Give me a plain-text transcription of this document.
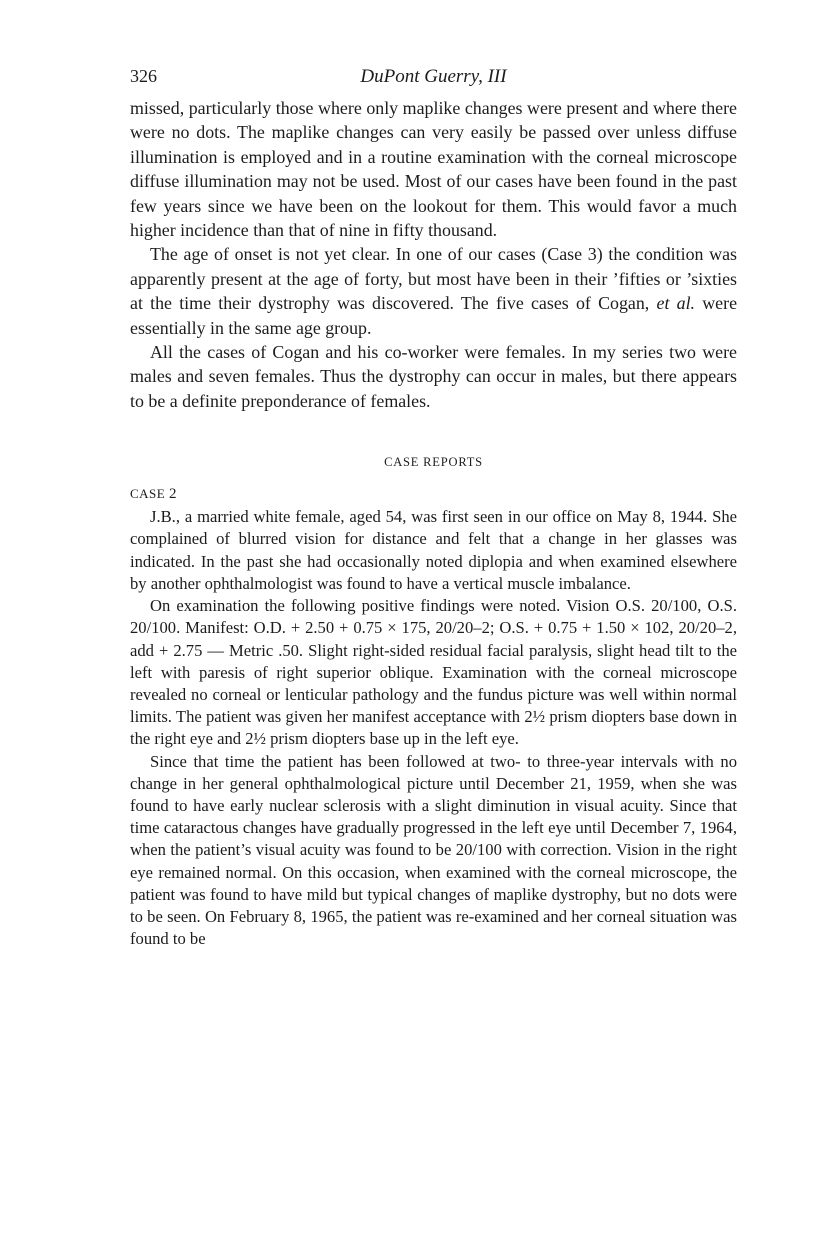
326	DuPont Guerry, III

missed, particularly those where only maplike changes were present and where there were no dots. The maplike changes can very easily be passed over unless diffuse illumination is employed and in a routine examination with the corneal microscope diffuse illumination may not be used. Most of our cases have been found in the past few years since we have been on the lookout for them. This would favor a much higher incidence than that of nine in fifty thousand.

The age of onset is not yet clear. In one of our cases (Case 3) the condition was apparently present at the age of forty, but most have been in their ’fifties or ’sixties at the time their dystrophy was discovered. The five cases of Cogan, et al. were essentially in the same age group.

All the cases of Cogan and his co-worker were females. In my series two were males and seven females. Thus the dystrophy can occur in males, but there appears to be a definite preponderance of females.

CASE REPORTS

CASE 2

J.B., a married white female, aged 54, was first seen in our office on May 8, 1944. She complained of blurred vision for distance and felt that a change in her glasses was indicated. In the past she had occasionally noted diplopia and when examined elsewhere by another ophthalmologist was found to have a vertical muscle imbalance.

On examination the following positive findings were noted. Vision O.S. 20/100, O.S. 20/100. Manifest: O.D. + 2.50 + 0.75 × 175, 20/20–2; O.S. + 0.75 + 1.50 × 102, 20/20–2, add + 2.75 — Metric .50. Slight right-sided residual facial paralysis, slight head tilt to the left with paresis of right superior oblique. Examination with the corneal microscope revealed no corneal or lenticular pathology and the fundus picture was well within normal limits. The patient was given her manifest acceptance with 2½ prism diopters base down in the right eye and 2½ prism diopters base up in the left eye.

Since that time the patient has been followed at two- to three-year intervals with no change in her general ophthalmological picture until December 21, 1959, when she was found to have early nuclear sclerosis with a slight diminution in visual acuity. Since that time cataractous changes have gradually progressed in the left eye until December 7, 1964, when the patient’s visual acuity was found to be 20/100 with correction. Vision in the right eye remained normal. On this occasion, when examined with the corneal microscope, the patient was found to have mild but typical changes of maplike dystrophy, but no dots were to be seen. On February 8, 1965, the patient was re-examined and her corneal situation was found to be
